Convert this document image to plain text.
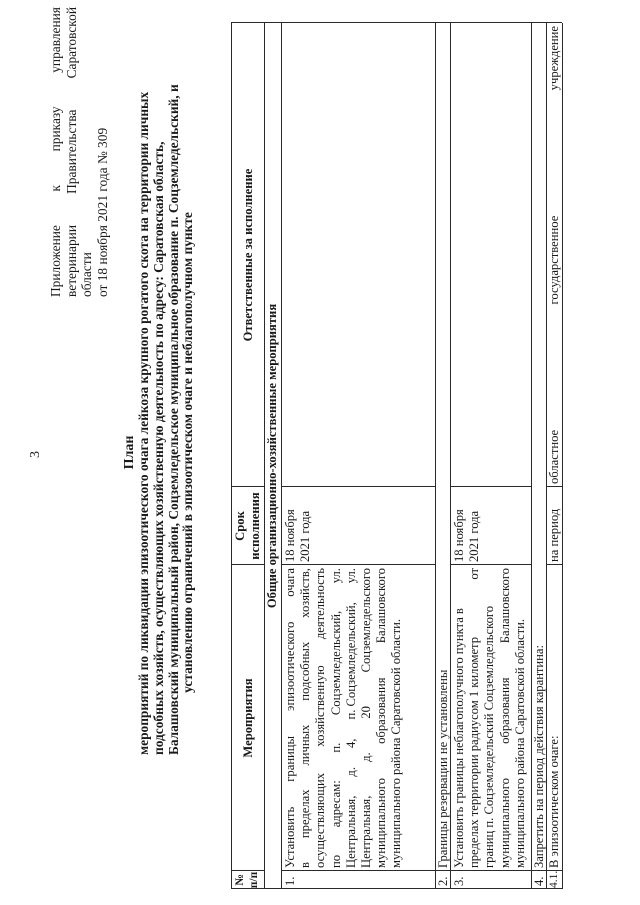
3
Приложение
к
приказу
управления
ветеринарии
Правительства
Саратовской
области от 18 ноября 2021 года № 309
План мероприятий по ликвидации эпизоотического очага лейкоза крупного рогатого скота на территории личных подсобных хозяйств, осуществляющих хозяйственную деятельность по адресу: Саратовская область, Балашовский муниципальный район, Соцземледельское муниципальное образование п. Соцземледельский, и установлению ограничений в эпизоотическом очаге и неблагополучном пункте
№ п/п
Мероприятия
Срок исполнения
Ответственные за исполнение
Общие организационно-хозяйственные мероприятия
1.
Установить
границы
эпизоотического
очага
в
пределах
личных
подсобных
хозяйств,
осуществляющих
хозяйственную
деятельность
по
адресам:
п.
Соцземледельский,
ул.
Центральная,
д.
4,
п. Соцземледельский,
ул.
Центральная,
д.
20
Соцземледельского
муниципального
образования
Балашовского
муниципального района Саратовской области.
18 ноября 2021 года
2.
Границы резервации не установлены
3.
Установить границы неблагополучного пункта в пределах территории радиусом 1 километр
от
границ п. Соцземледельский Соцземледельского муниципального
образования
Балашовского
муниципального района Саратовской области.
18 ноября 2021 года
4.
Запретить на период действия карантина:
4.1.
В эпизоотическом очаге:
на период
областное
государственное
учреждение
